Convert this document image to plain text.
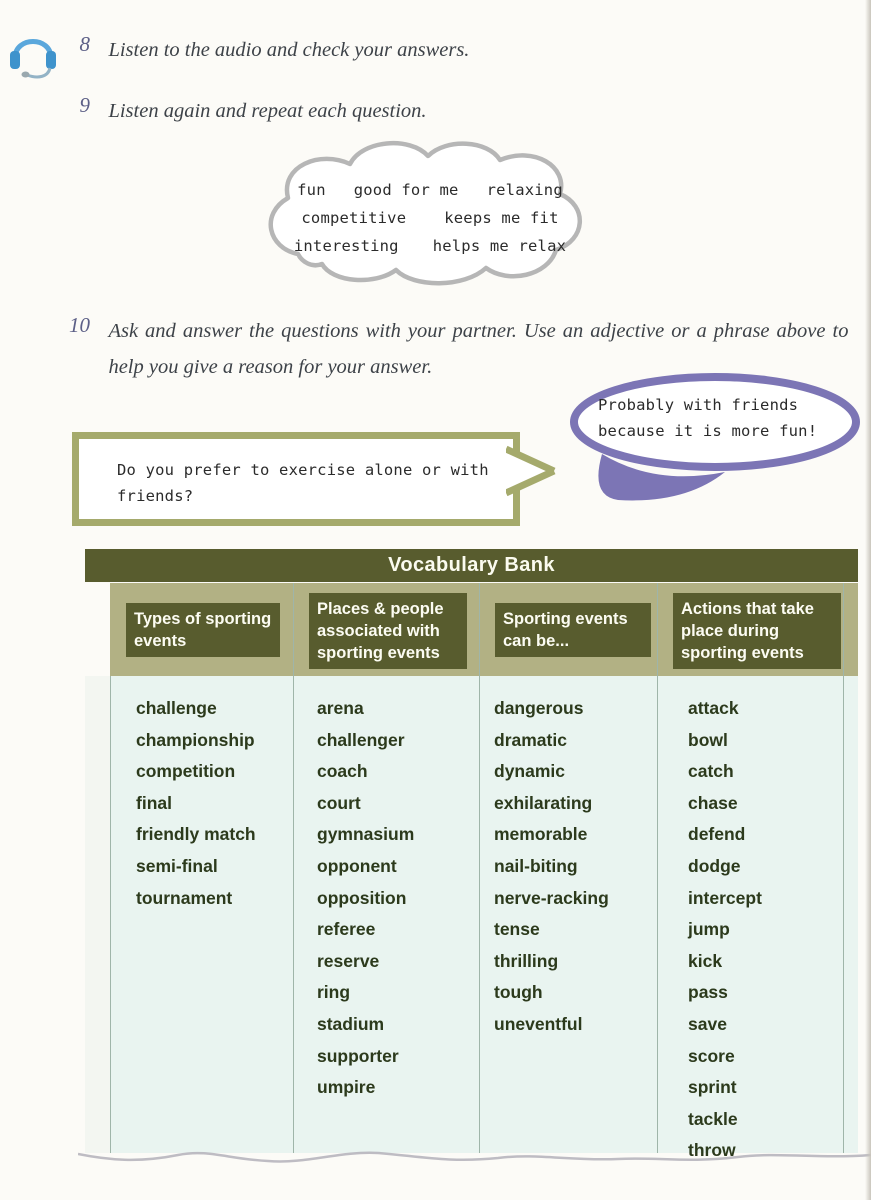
8 Listen to the audio and check your answers.

9 Listen again and repeat each question.

fun good for me relaxing
competitive keeps me fit
interesting helps me relax
10 Ask and answer the questions with your partner. Use an adjective or a phrase above to help you give a reason for your answer.

Do you prefer to exercise alone or with friends?
Probably with friends because it is more fun!
Vocabulary Bank
Types of sporting events
Places & people associated with sporting events
Sporting events can be...
Actions that take place during sporting events
challenge
championship
competition
final
friendly match
semi-final
tournament
arena
challenger
coach
court
gymnasium
opponent
opposition
referee
reserve
ring
stadium
supporter
umpire
dangerous
dramatic
dynamic
exhilarating
memorable
nail-biting
nerve-racking
tense
thrilling
tough
uneventful
attack
bowl
catch
chase
defend
dodge
intercept
jump
kick
pass
save
score
sprint
tackle
throw
